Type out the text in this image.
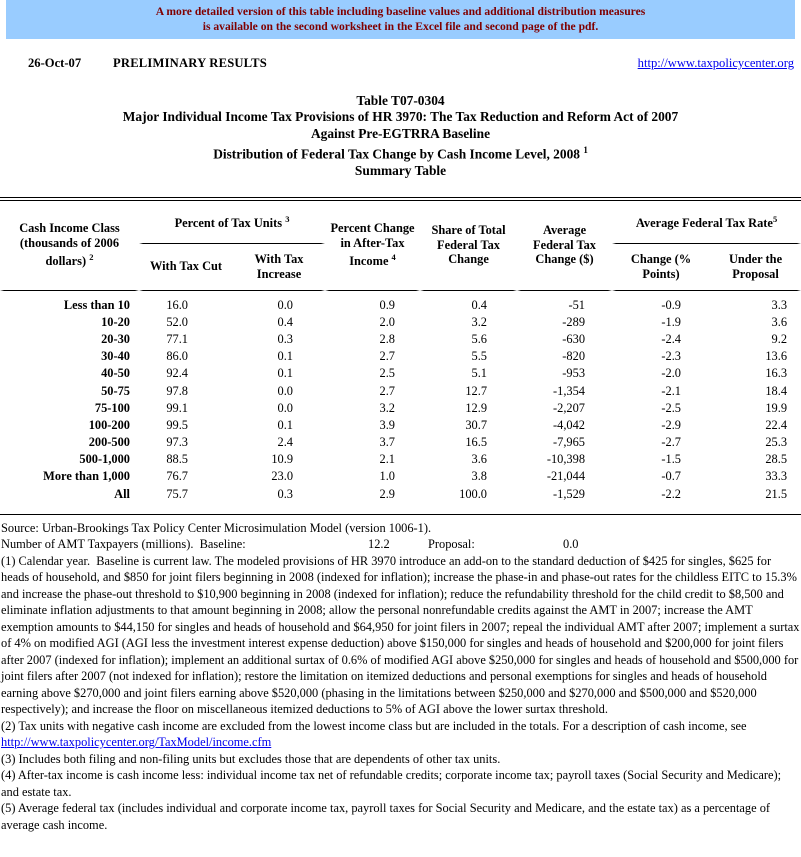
A more detailed version of this table including baseline values and additional distribution measures
is available on the second worksheet in the Excel file and second page of the pdf.
26-Oct-07	PRELIMINARY RESULTS	http://www.taxpolicycenter.org
Table T07-0304
Major Individual Income Tax Provisions of HR 3970: The Tax Reduction and Reform Act of 2007
Against Pre-EGTRRA Baseline
Distribution of Federal Tax Change by Cash Income Level, 2008 $^1$
Summary Table
Cash Income Class (thousands of 2006 dollars) $^2$	Percent of Tax Units $^3$		Percent Change in After-Tax Income $^4$	Share of Total Federal Tax Change	Average Federal Tax Change ($)	Average Federal Tax Rate$^5$

	With Tax Cut	With Tax Increase				Change (% Points)	Under the Proposal

Less than 10	16.0	0.0	0.9	0.4	-51	-0.9	3.3
10-20	52.0	0.4	2.0	3.2	-289	-1.9	3.6
20-30	77.1	0.3	2.8	5.6	-630	-2.4	9.2
30-40	86.0	0.1	2.7	5.5	-820	-2.3	13.6
40-50	92.4	0.1	2.5	5.1	-953	-2.0	16.3
50-75	97.8	0.0	2.7	12.7	-1,354	-2.1	18.4
75-100	99.1	0.0	3.2	12.9	-2,207	-2.5	19.9
100-200	99.5	0.1	3.9	30.7	-4,042	-2.9	22.4
200-500	97.3	2.4	3.7	16.5	-7,965	-2.7	25.3
500-1,000	88.5	10.9	2.1	3.6	-10,398	-1.5	28.5
More than 1,000	76.7	23.0	1.0	3.8	-21,044	-0.7	33.3
All	75.7	0.3	2.9	100.0	-1,529	-2.2	21.5

Source: Urban-Brookings Tax Policy Center Microsimulation Model (version 1006-1).

Number of AMT Taxpayers (millions).  Baseline:	12.2	Proposal:	0.0

(1) Calendar year.  Baseline is current law. The modeled provisions of HR 3970 introduce an add-on to the standard deduction of $425 for singles, $625 for heads of household, and $850 for joint filers beginning in 2008 (indexed for inflation); increase the phase-in and phase-out rates for the childless EITC to 15.3% and increase the phase-out threshold to $10,900 beginning in 2008 (indexed for inflation); reduce the refundability threshold for the child credit to $8,500 and eliminate inflation adjustments to that amount beginning in 2008; allow the personal nonrefundable credits against the AMT in 2007; increase the AMT exemption amounts to $44,150 for singles and heads of household and $64,950 for joint filers in 2007; repeal the individual AMT after 2007; implement a surtax of 4% on modified AGI (AGI less the investment interest expense deduction) above $150,000 for singles and heads of household and $200,000 for joint filers after 2007 (indexed for inflation); implement an additional surtax of 0.6% of modified AGI above $250,000 for singles and heads of household and $500,000 for joint filers after 2007 (not indexed for inflation); restore the limitation on itemized deductions and personal exemptions for singles and heads of household earning above $270,000 and joint filers earning above $520,000 (phasing in the limitations between $250,000 and $270,000 and $500,000 and $520,000 respectively); and increase the floor on miscellaneous itemized deductions to 5% of AGI above the lower surtax threshold.

(2) Tax units with negative cash income are excluded from the lowest income class but are included in the totals. For a description of cash income, see

http://www.taxpolicycenter.org/TaxModel/income.cfm

(3) Includes both filing and non-filing units but excludes those that are dependents of other tax units.

(4) After-tax income is cash income less: individual income tax net of refundable credits; corporate income tax; payroll taxes (Social Security and Medicare); and estate tax.

(5) Average federal tax (includes individual and corporate income tax, payroll taxes for Social Security and Medicare, and the estate tax) as a percentage of average cash income.
